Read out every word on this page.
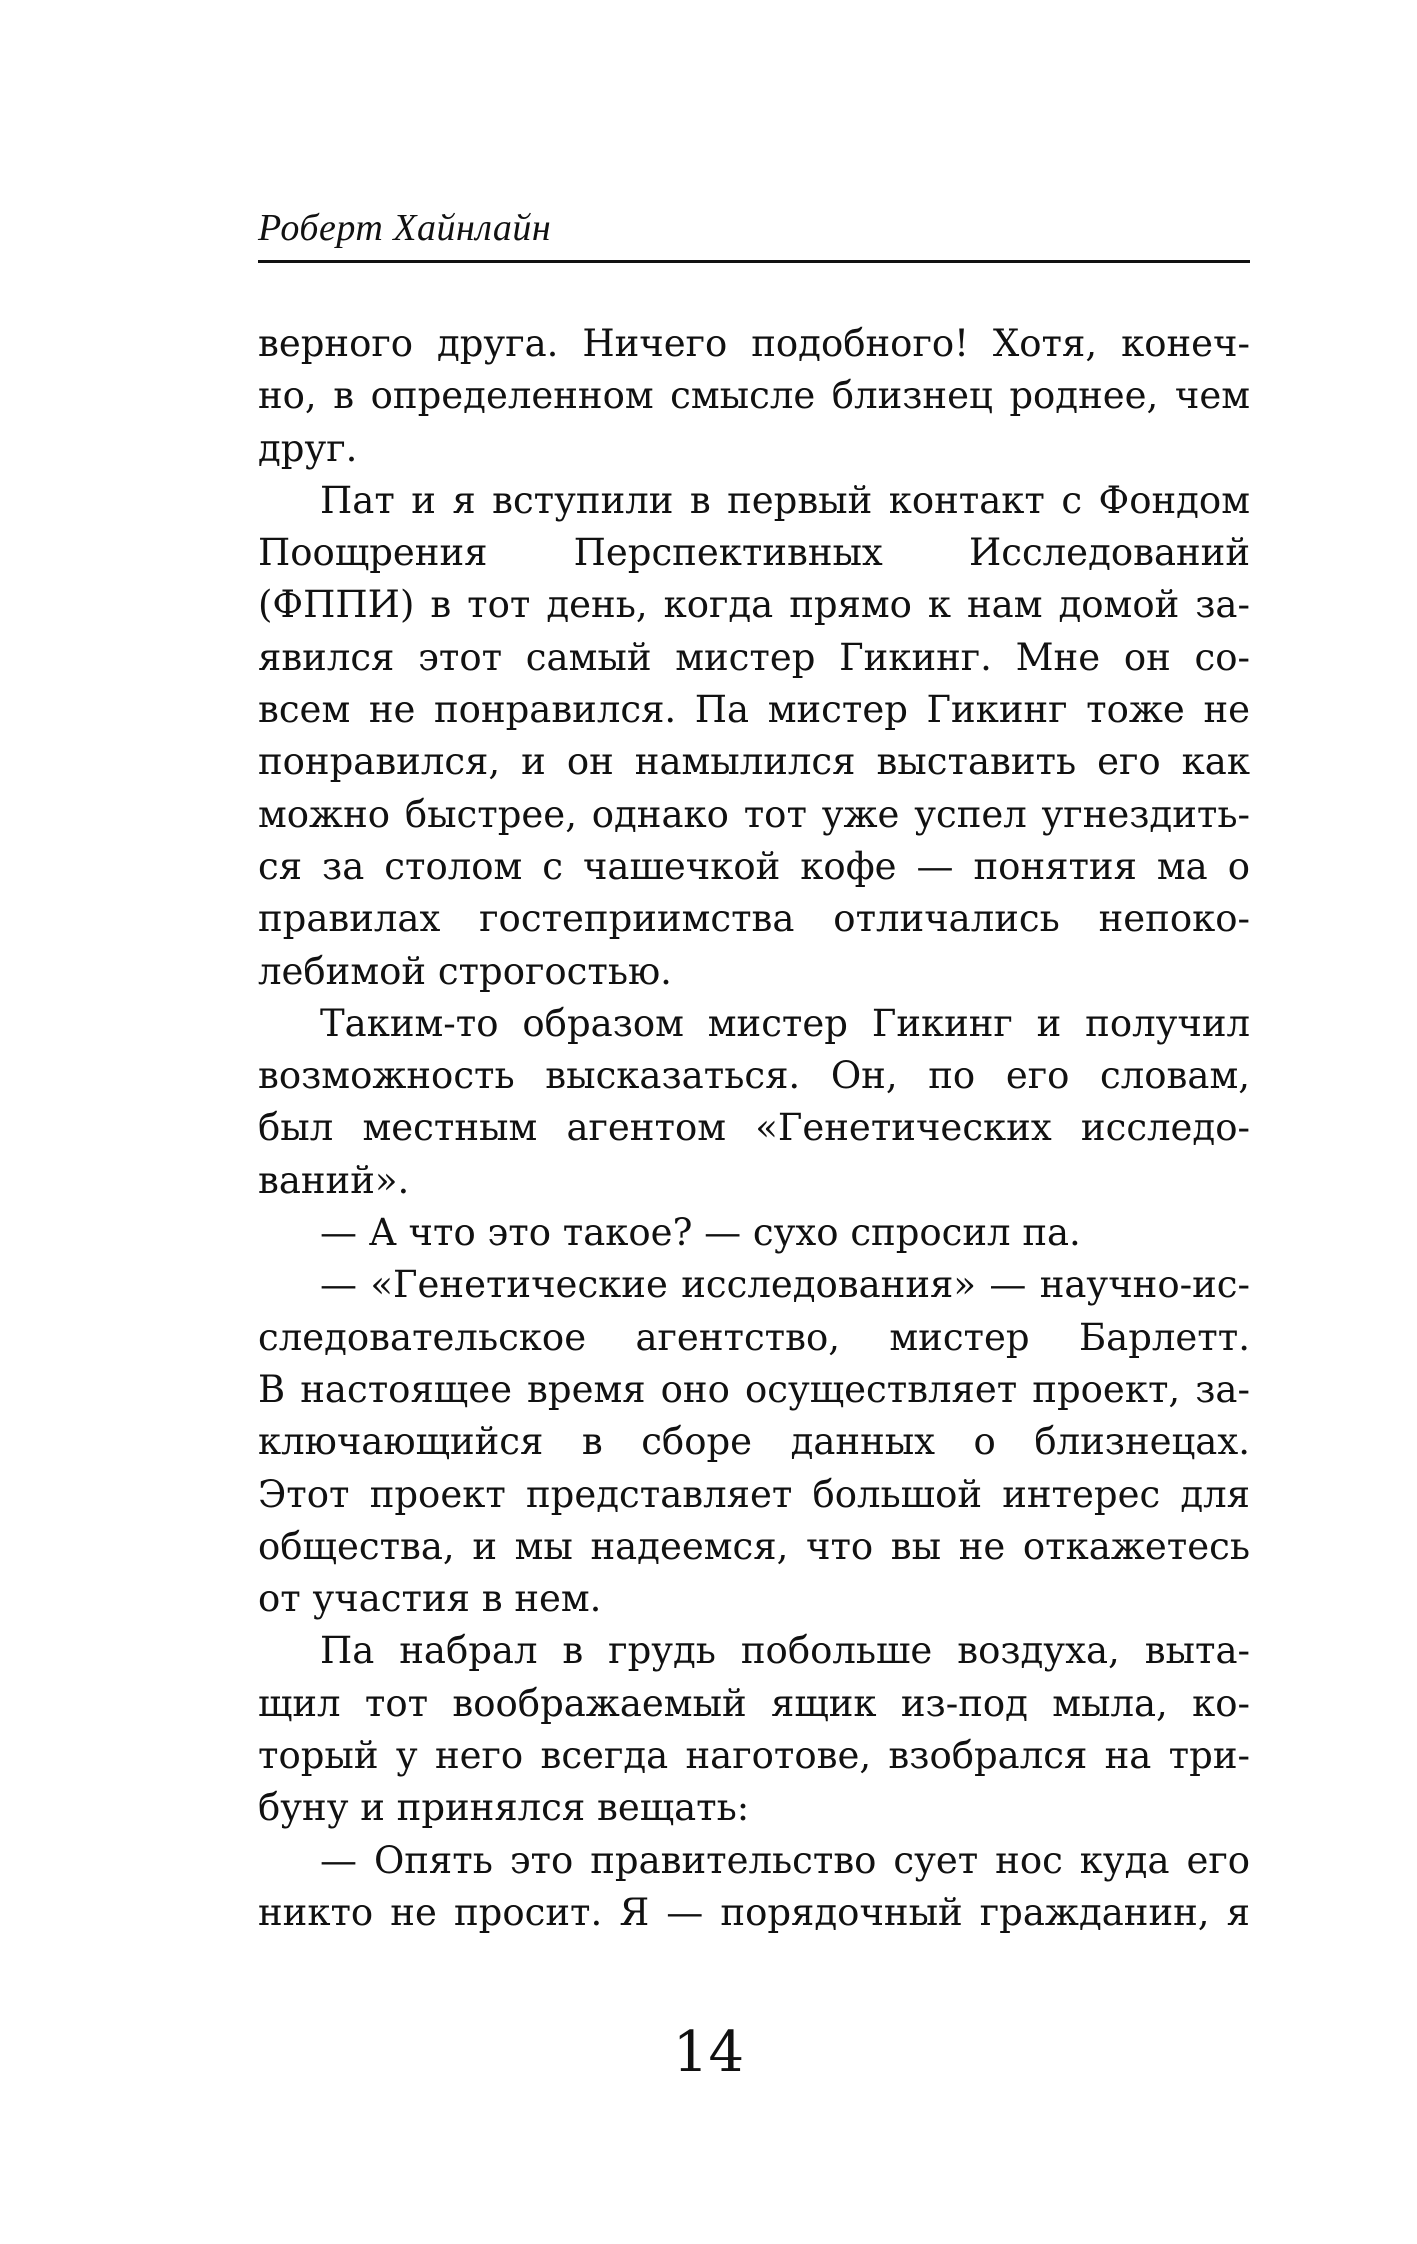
Роберт Хайнлайн
верного друга. Ничего подобного! Хотя, конеч-
но, в определенном смысле близнец роднее, чем
друг.
Пат и я вступили в первый контакт с Фондом
Поощрения Перспективных Исследований
(ФППИ) в тот день, когда прямо к нам домой за-
явился этот самый мистер Гикинг. Мне он со-
всем не понравился. Па мистер Гикинг тоже не
понравился, и он намылился выставить его как
можно быстрее, однако тот уже успел угнездить-
ся за столом с чашечкой кофе — понятия ма о
правилах гостеприимства отличались непоко-
лебимой строгостью.
Таким-то образом мистер Гикинг и получил
возможность высказаться. Он, по его словам,
был местным агентом «Генетических исследо-
ваний».
— А что это такое? — сухо спросил па.
— «Генетические исследования» — научно-ис-
следовательское агентство, мистер Барлетт.
В настоящее время оно осуществляет проект, за-
ключающийся в сборе данных о близнецах.
Этот проект представляет большой интерес для
общества, и мы надеемся, что вы не откажетесь
от участия в нем.
Па набрал в грудь побольше воздуха, выта-
щил тот воображаемый ящик из-под мыла, ко-
торый у него всегда наготове, взобрался на три-
буну и принялся вещать:
— Опять это правительство сует нос куда его
никто не просит. Я — порядочный гражданин, я
14
